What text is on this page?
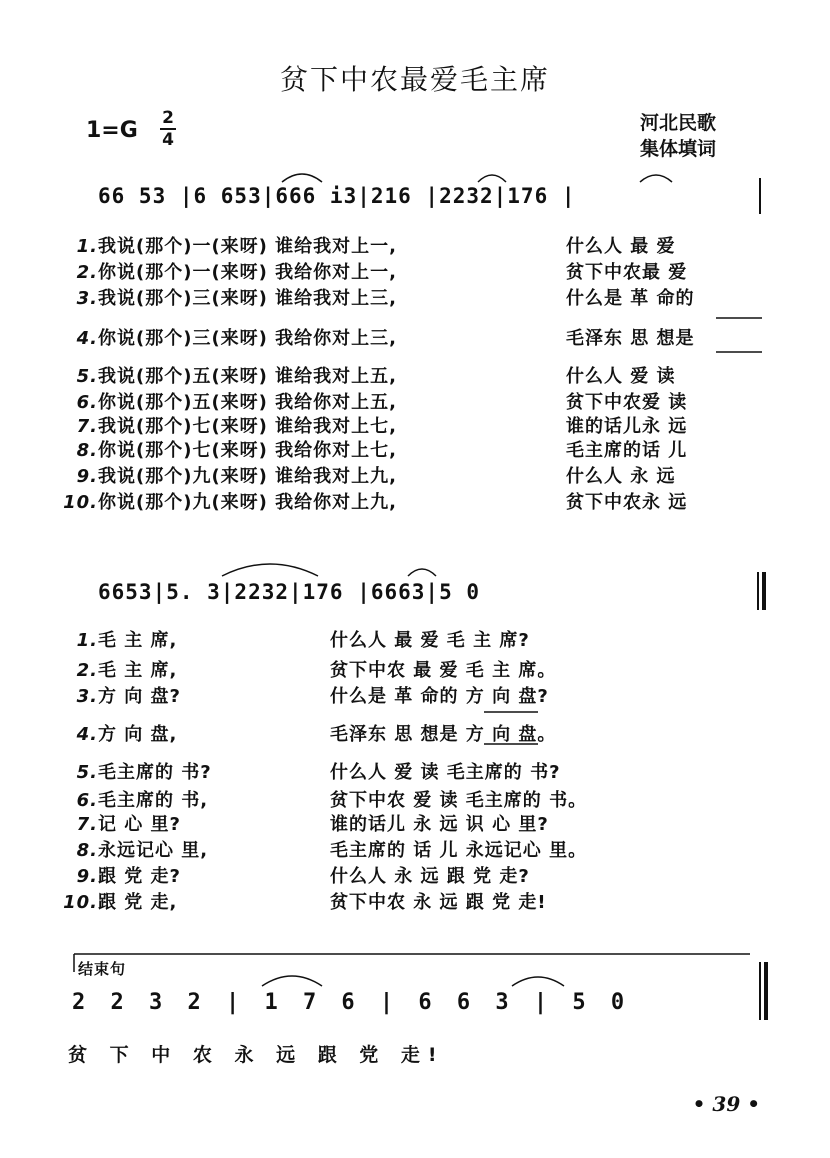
贫下中农最爱毛主席
1=G 2
4
河北民歌
集体填词
66 53 |6 653|666 i3|216 |2232|176 |
1.我说(那个)一(来呀) 谁给我对上一,	什么人 最 爱
2.你说(那个)一(来呀) 我给你对上一,	贫下中农最 爱
3.我说(那个)三(来呀) 谁给我对上三,	什么是 革 命的
4.你说(那个)三(来呀) 我给你对上三,	毛泽东 思 想是
5.我说(那个)五(来呀) 谁给我对上五,	什么人 爱 读
6.你说(那个)五(来呀) 我给你对上五,	贫下中农爱 读
7.我说(那个)七(来呀) 谁给我对上七,	谁的话儿永 远
8.你说(那个)七(来呀) 我给你对上七,	毛主席的话 儿
9.我说(那个)九(来呀) 谁给我对上九,	什么人 永 远
10.你说(那个)九(来呀) 我给你对上九,	贫下中农永 远
6653|5. 3|2232|176 |6663|5 0
1.毛 主 席,	什么人 最 爱 毛 主 席?
2.毛 主 席,	贫下中农 最 爱 毛 主 席。
3.方 向 盘?	什么是 革 命的 方 向 盘?
4.方 向 盘,	毛泽东 思 想是 方 向 盘。
5.毛主席的 书?	什么人 爱 读 毛主席的 书?
6.毛主席的 书,	贫下中农 爱 读 毛主席的 书。
7.记 心 里?	谁的话儿 永 远 识 心 里?
8.永远记心 里,	毛主席的 话 儿 永远记心 里。
9.跟 党 走?	什么人 永 远 跟 党 走?
10.跟 党 走,	贫下中农 永 远 跟 党 走!
结束句
2 2 3 2 | 1 7 6 | 6 6 3 | 5 0
贫 下 中 农 永 远 跟 党 走!
• 39 •
